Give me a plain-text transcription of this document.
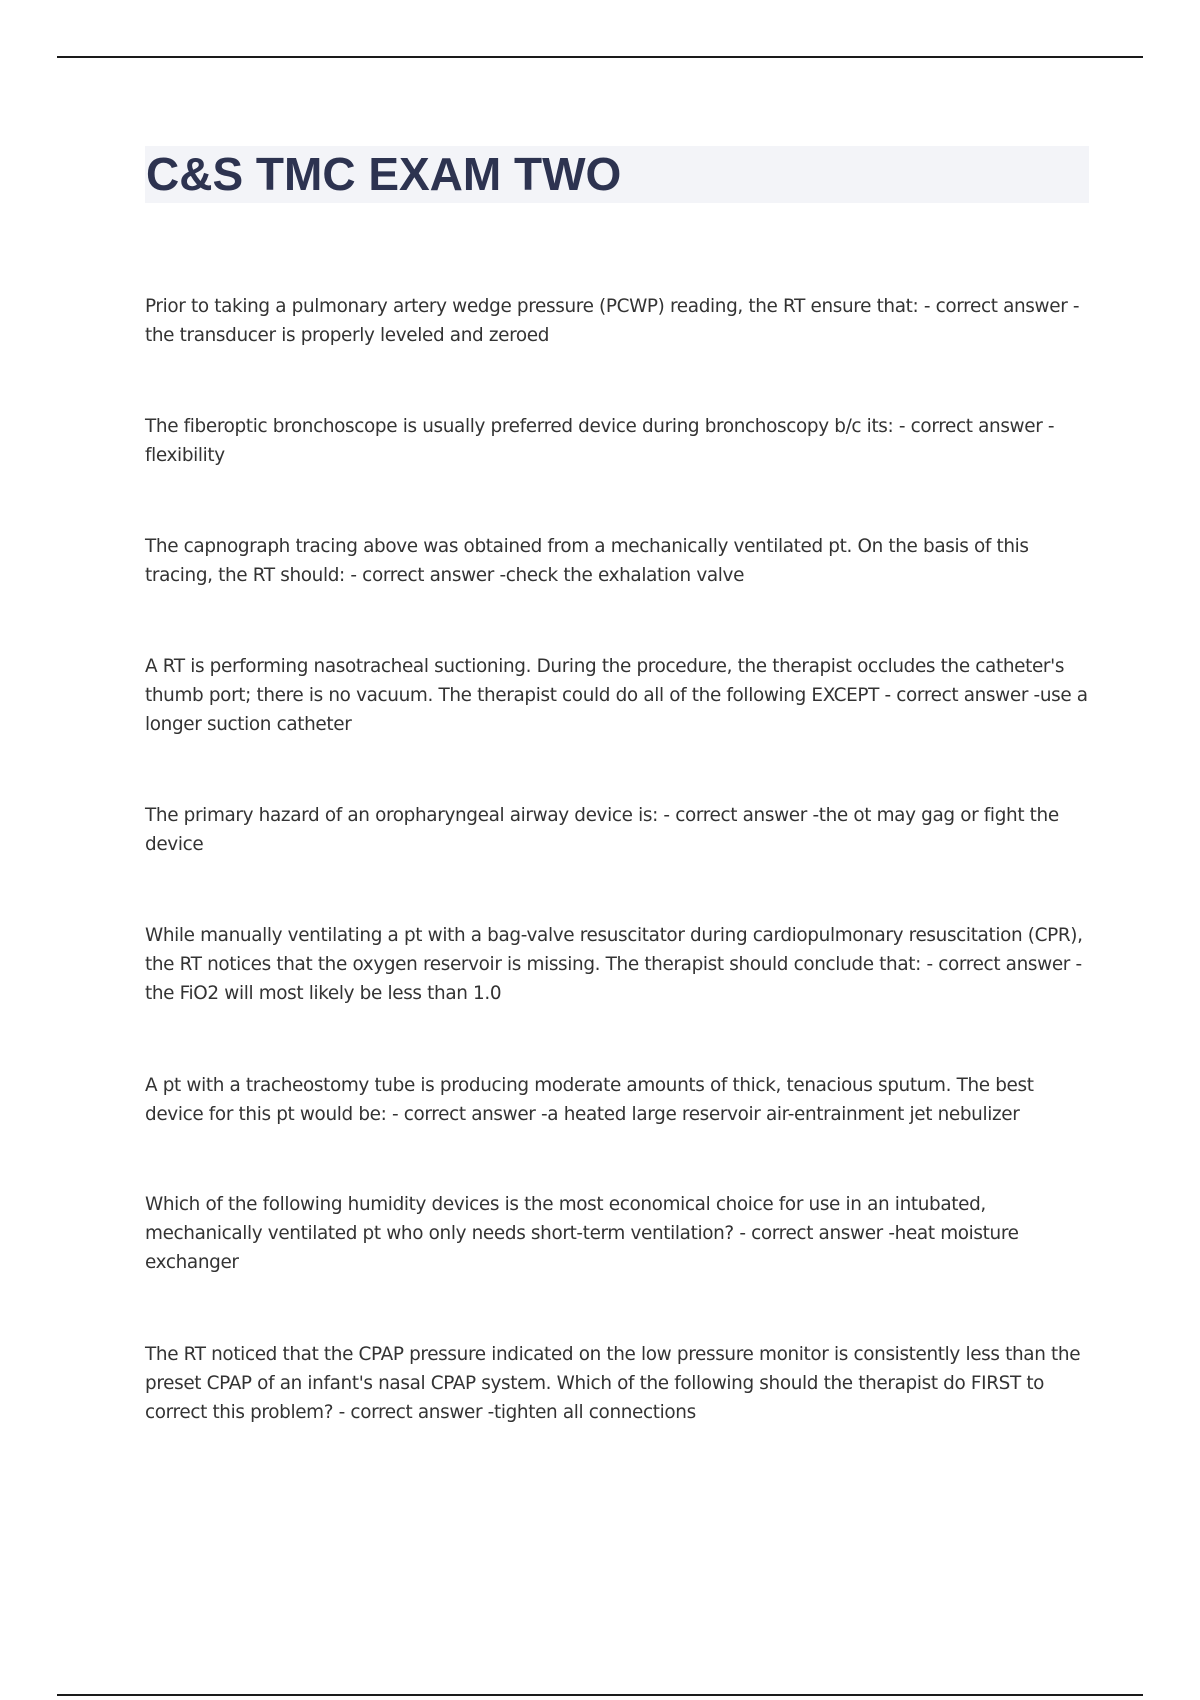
C&S TMC EXAM TWO

Prior to taking a pulmonary artery wedge pressure (PCWP) reading, the RT ensure that: - correct answer -the transducer is properly leveled and zeroed

The fiberoptic bronchoscope is usually preferred device during bronchoscopy b/c its: - correct answer - flexibility

The capnograph tracing above was obtained from a mechanically ventilated pt. On the basis of this tracing, the RT should: - correct answer -check the exhalation valve

A RT is performing nasotracheal suctioning. During the procedure, the therapist occludes the catheter's thumb port; there is no vacuum. The therapist could do all of the following EXCEPT - correct answer -use a longer suction catheter

The primary hazard of an oropharyngeal airway device is: - correct answer -the ot may gag or fight the device

While manually ventilating a pt with a bag-valve resuscitator during cardiopulmonary resuscitation (CPR), the RT notices that the oxygen reservoir is missing. The therapist should conclude that: - correct answer - the FiO2 will most likely be less than 1.0

A pt with a tracheostomy tube is producing moderate amounts of thick, tenacious sputum. The best device for this pt would be: - correct answer -a heated large reservoir air-entrainment jet nebulizer

Which of the following humidity devices is the most economical choice for use in an intubated, mechanically ventilated pt who only needs short-term ventilation? - correct answer -heat moisture exchanger

The RT noticed that the CPAP pressure indicated on the low pressure monitor is consistently less than the preset CPAP of an infant's nasal CPAP system. Which of the following should the therapist do FIRST to correct this problem? - correct answer -tighten all connections
